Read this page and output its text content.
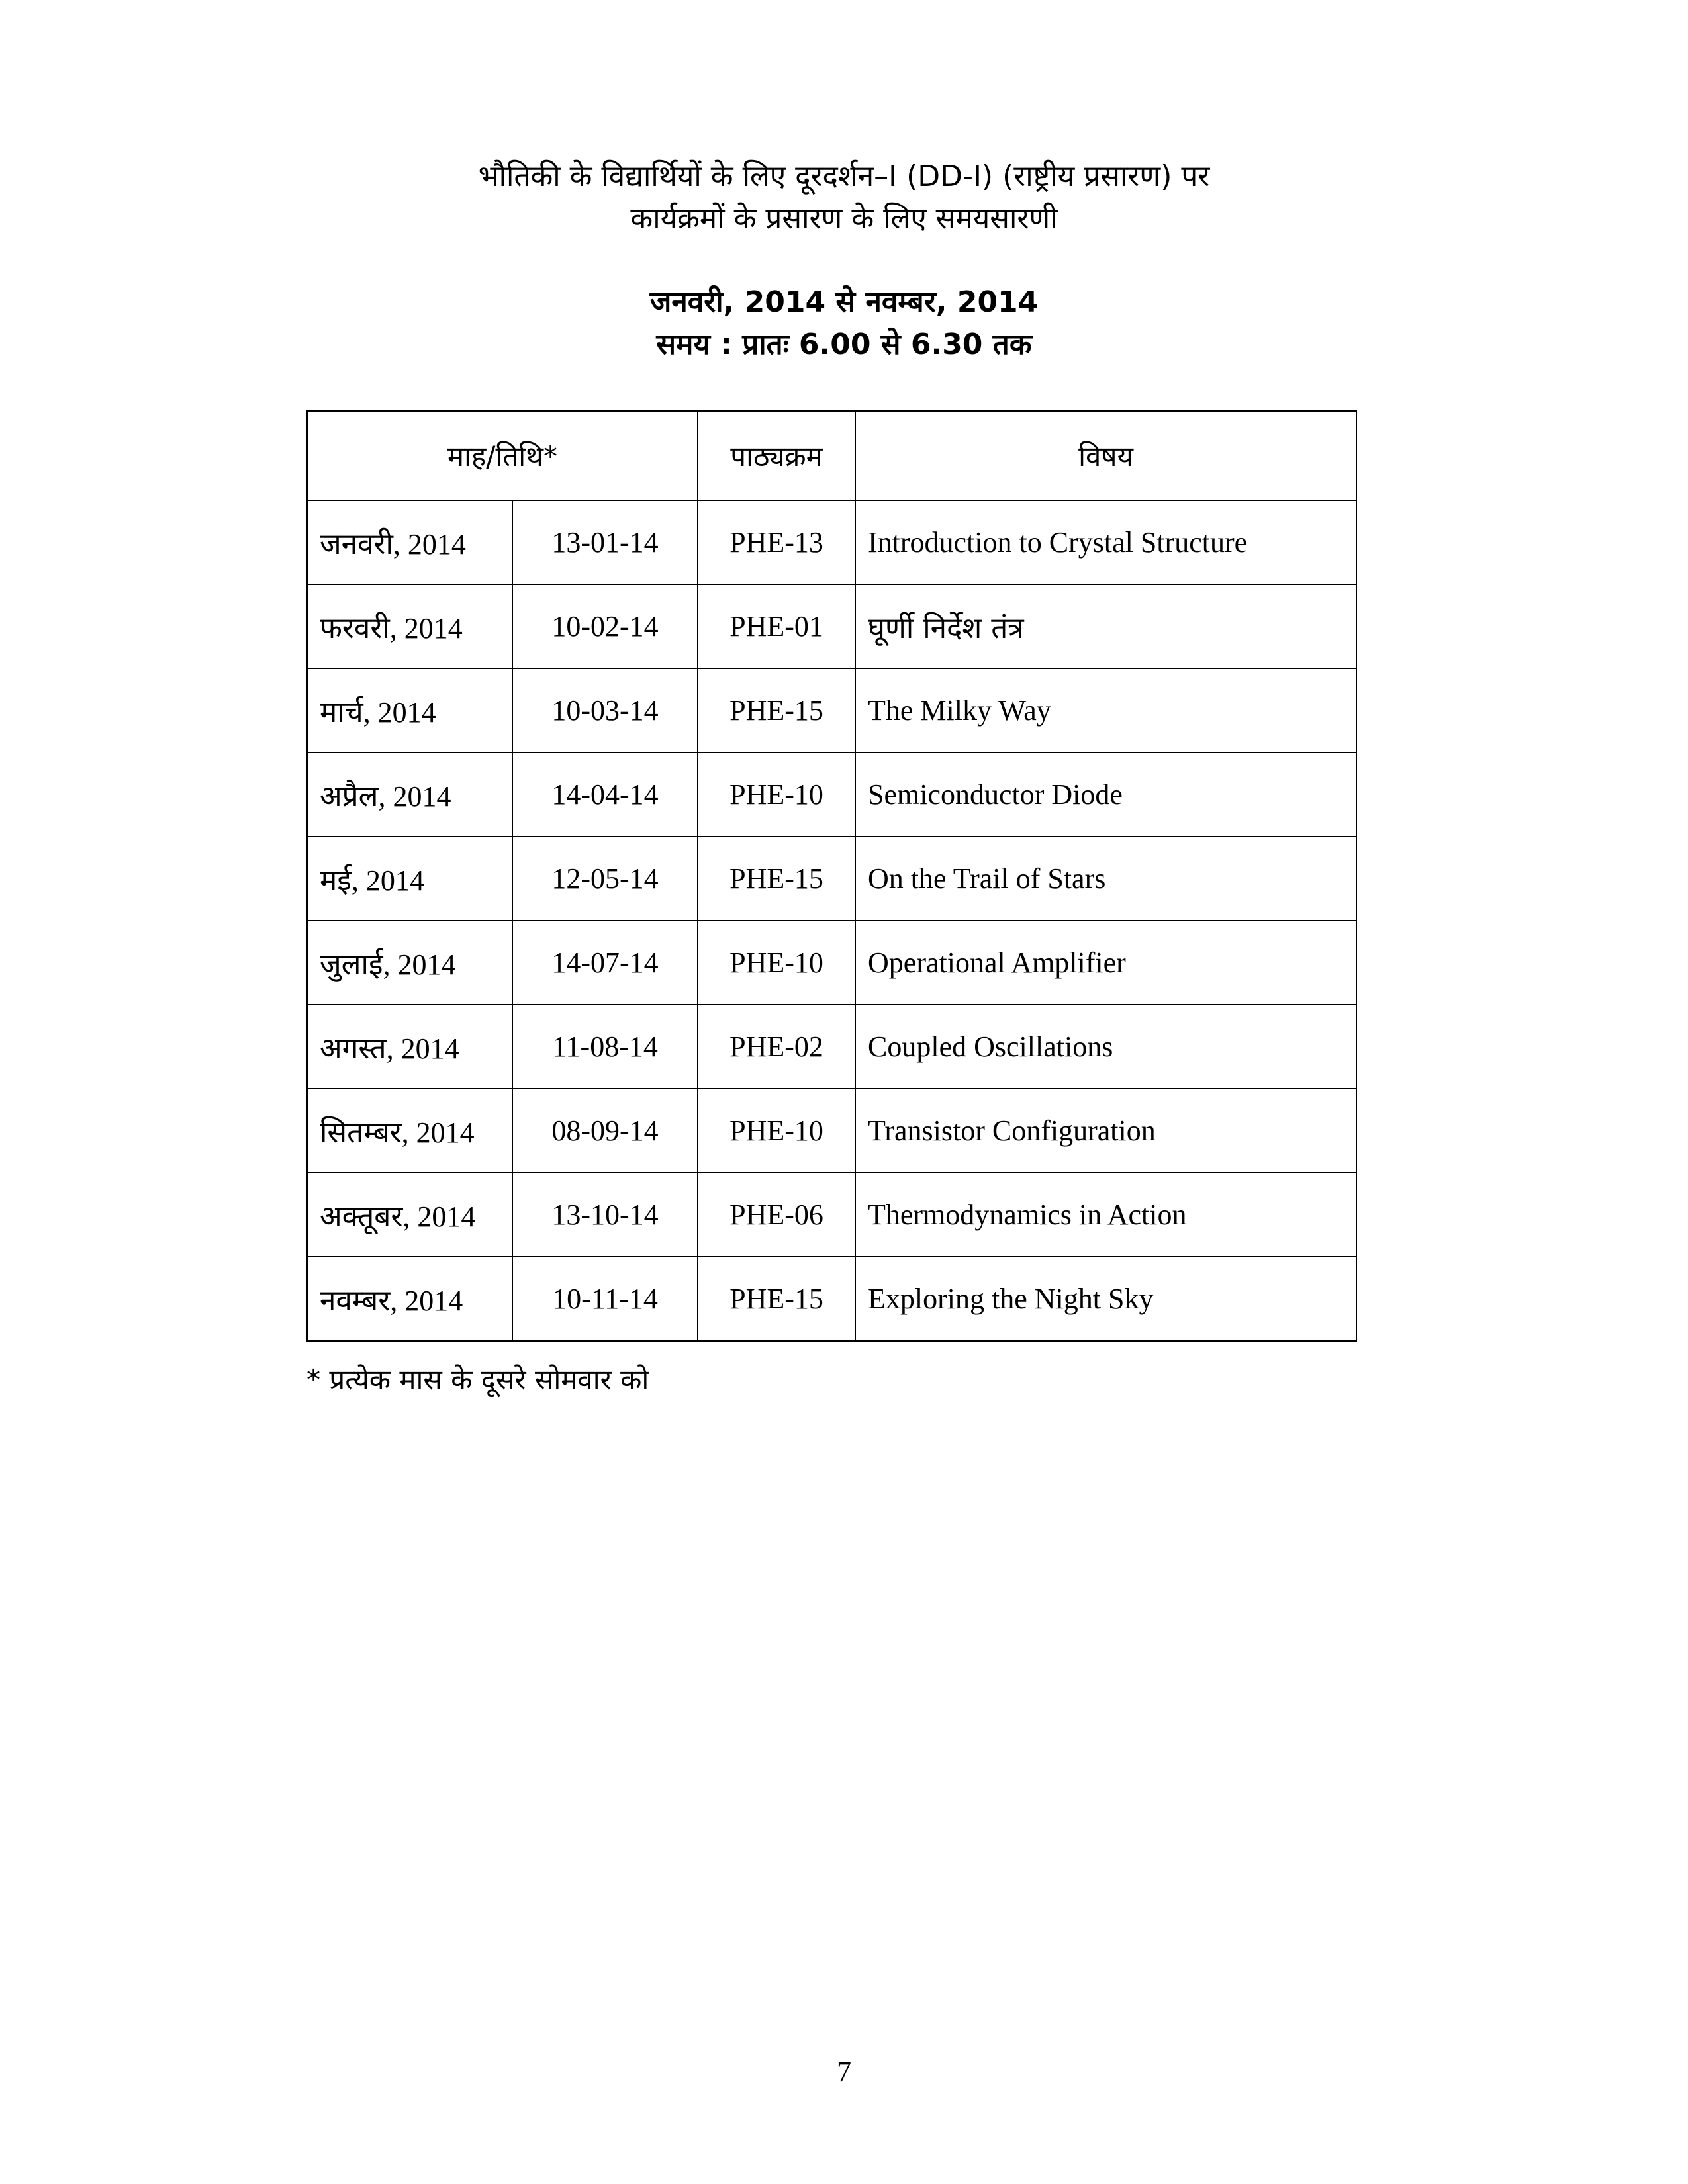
भौतिकी के विद्यार्थियों के लिए दूरदर्शन–I (DD-I) (राष्ट्रीय प्रसारण) पर
कार्यक्रमों के प्रसारण के लिए समयसारणी
जनवरी, 2014 से नवम्बर, 2014
समय : प्रातः 6.00 से 6.30 तक
माह/तिथि*		पाठ्यक्रम	विषय
जनवरी, 2014	13-01-14	PHE-13	Introduction to Crystal Structure
फरवरी, 2014	10-02-14	PHE-01	घूर्णी निर्देश तंत्र
मार्च, 2014	10-03-14	PHE-15	The Milky Way
अप्रैल, 2014	14-04-14	PHE-10	Semiconductor Diode
मई, 2014	12-05-14	PHE-15	On the Trail of Stars
जुलाई, 2014	14-07-14	PHE-10	Operational Amplifier
अगस्त, 2014	11-08-14	PHE-02	Coupled Oscillations
सितम्बर, 2014	08-09-14	PHE-10	Transistor Configuration
अक्तूबर, 2014	13-10-14	PHE-06	Thermodynamics in Action
नवम्बर, 2014	10-11-14	PHE-15	Exploring the Night Sky
* प्रत्येक मास के दूसरे सोमवार को
7
